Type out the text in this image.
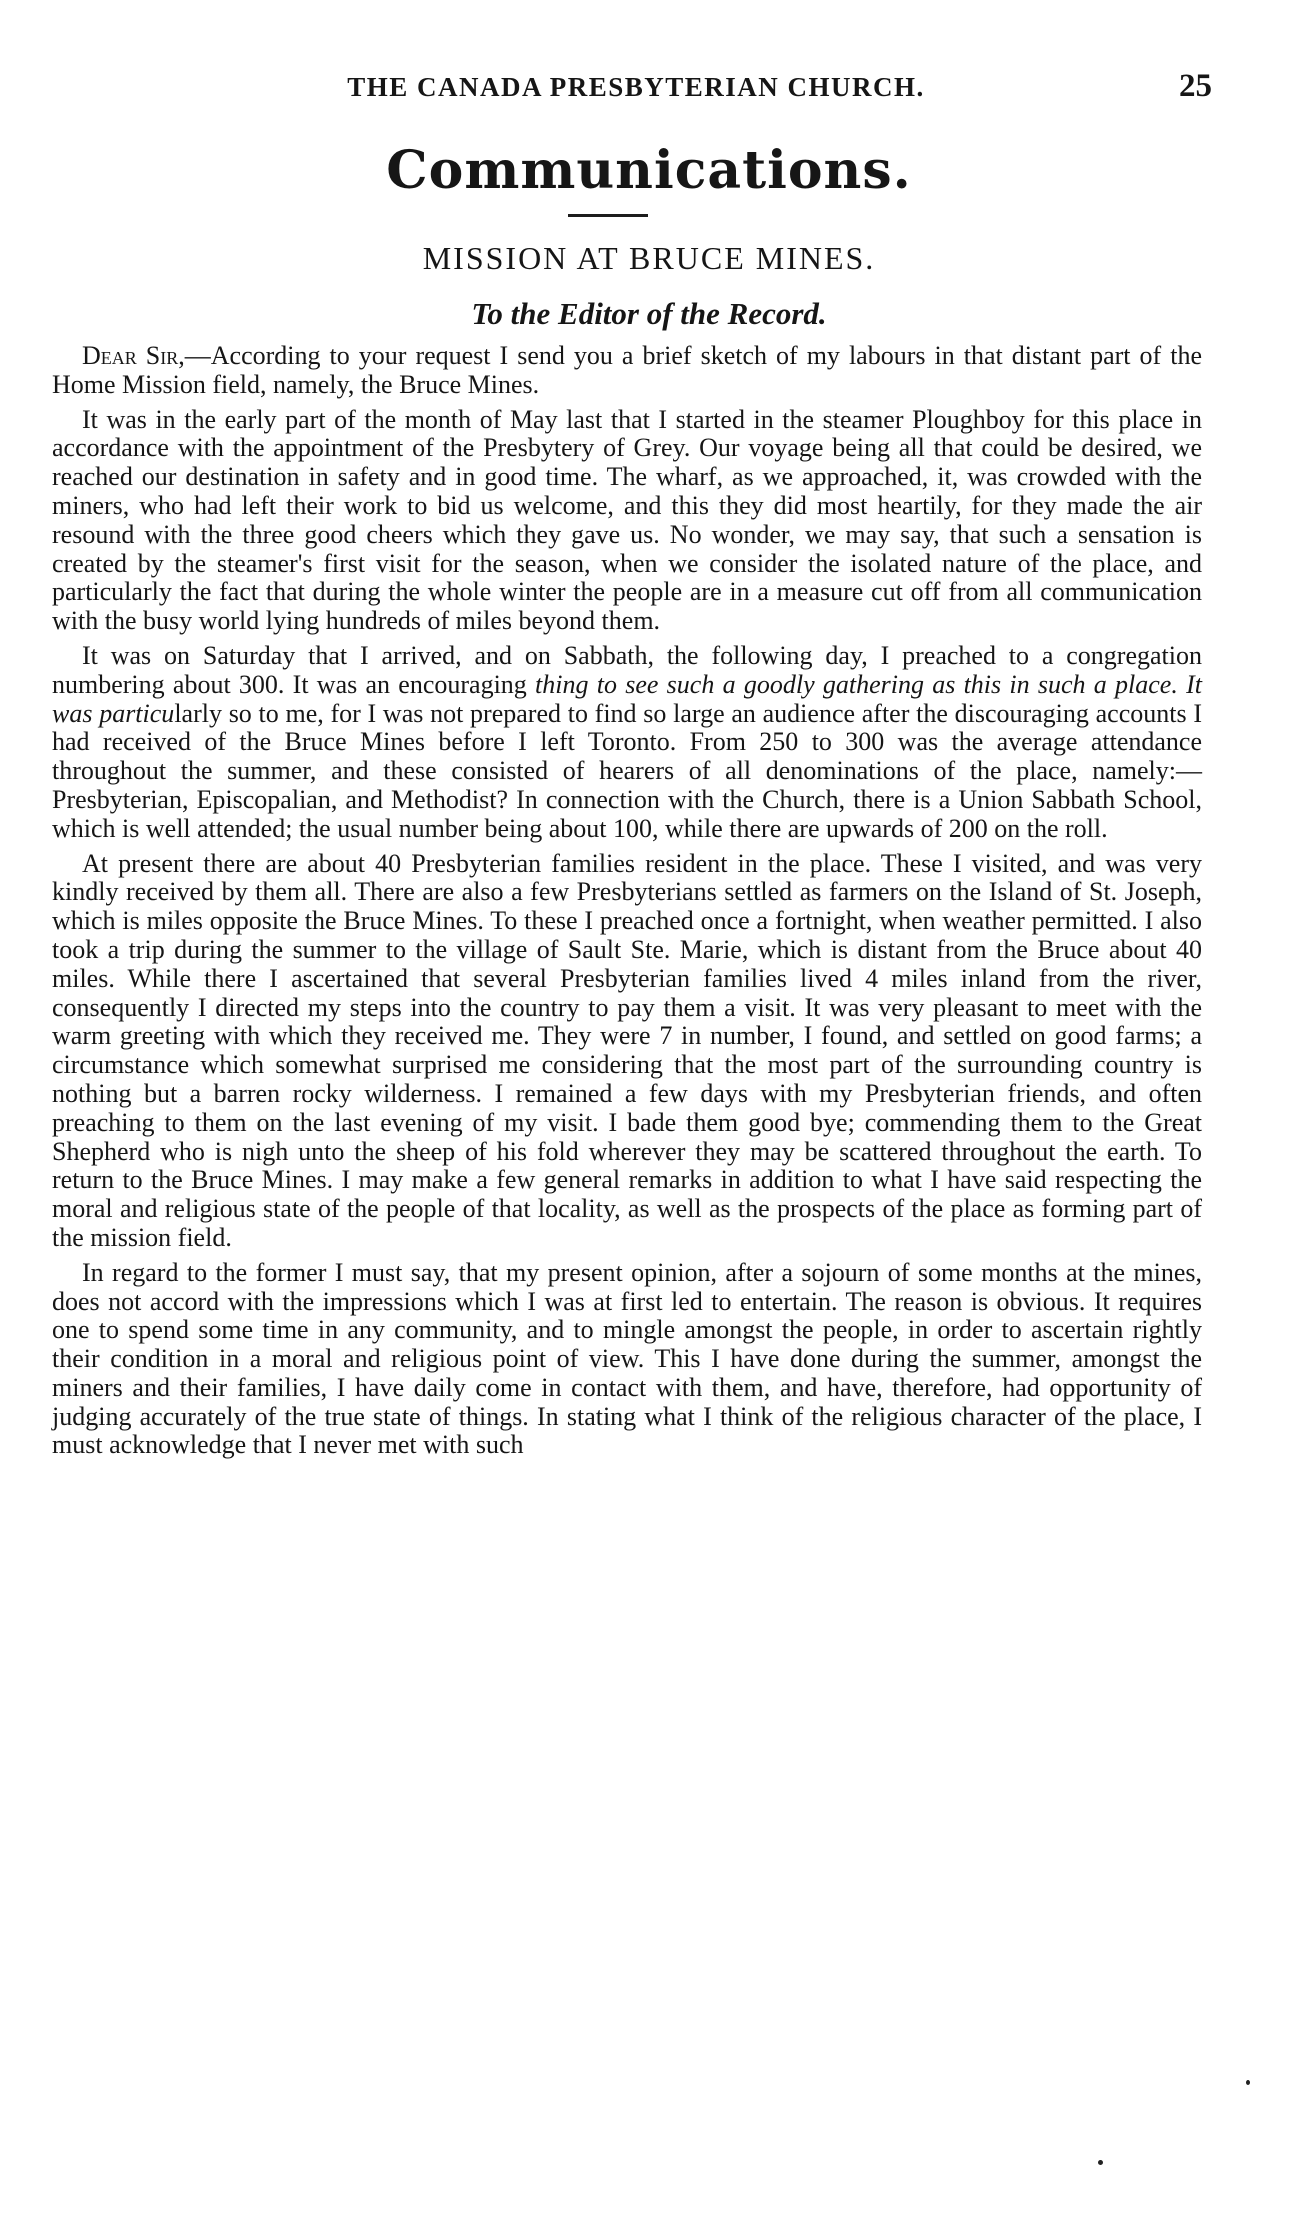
THE CANADA PRESBYTERIAN CHURCH.	25
Communications.
MISSION AT BRUCE MINES.
To the Editor of the Record.

Dear Sir,—According to your request I send you a brief sketch of my labours in that distant part of the Home Mission field, namely, the Bruce Mines.

It was in the early part of the month of May last that I started in the steamer Ploughboy for this place in accordance with the appointment of the Presbytery of Grey. Our voyage being all that could be desired, we reached our destination in safety and in good time. The wharf, as we approached, it, was crowded with the miners, who had left their work to bid us welcome, and this they did most heartily, for they made the air resound with the three good cheers which they gave us. No wonder, we may say, that such a sensation is created by the steamer's first visit for the season, when we consider the isolated nature of the place, and particularly the fact that during the whole winter the people are in a measure cut off from all communication with the busy world lying hundreds of miles beyond them.

It was on Saturday that I arrived, and on Sabbath, the following day, I preached to a congregation numbering about 300. It was an encouraging thing to see such a goodly gathering as this in such a place. It was particularly so to me, for I was not prepared to find so large an audience after the discouraging accounts I had received of the Bruce Mines before I left Toronto. From 250 to 300 was the average attendance throughout the summer, and these consisted of hearers of all denominations of the place, namely:—Presbyterian, Episcopalian, and Methodist? In connection with the Church, there is a Union Sabbath School, which is well attended; the usual number being about 100, while there are upwards of 200 on the roll.

At present there are about 40 Presbyterian families resident in the place. These I visited, and was very kindly received by them all. There are also a few Presbyterians settled as farmers on the Island of St. Joseph, which is miles opposite the Bruce Mines. To these I preached once a fortnight, when weather permitted. I also took a trip during the summer to the village of Sault Ste. Marie, which is distant from the Bruce about 40 miles. While there I ascertained that several Presbyterian families lived 4 miles inland from the river, consequently I directed my steps into the country to pay them a visit. It was very pleasant to meet with the warm greeting with which they received me. They were 7 in number, I found, and settled on good farms; a circumstance which somewhat surprised me considering that the most part of the surrounding country is nothing but a barren rocky wilderness. I remained a few days with my Presbyterian friends, and often preaching to them on the last evening of my visit. I bade them good bye; commending them to the Great Shepherd who is nigh unto the sheep of his fold wherever they may be scattered throughout the earth. To return to the Bruce Mines. I may make a few general remarks in addition to what I have said respecting the moral and religious state of the people of that locality, as well as the prospects of the place as forming part of the mission field.

In regard to the former I must say, that my present opinion, after a sojourn of some months at the mines, does not accord with the impressions which I was at first led to entertain. The reason is obvious. It requires one to spend some time in any community, and to mingle amongst the people, in order to ascertain rightly their condition in a moral and religious point of view. This I have done during the summer, amongst the miners and their families, I have daily come in contact with them, and have, therefore, had opportunity of judging accurately of the true state of things. In stating what I think of the religious character of the place, I must acknowledge that I never met with such
